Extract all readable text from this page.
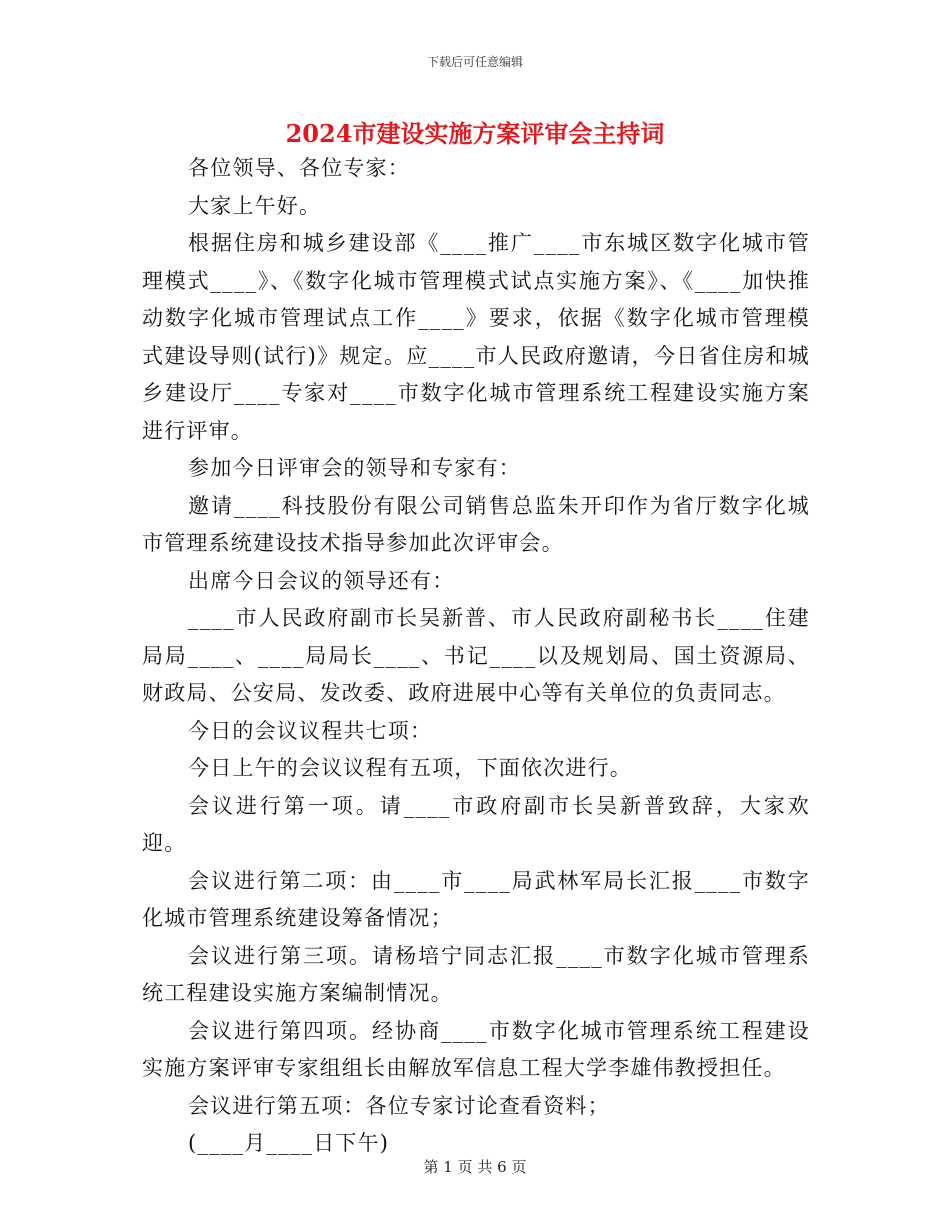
下载后可任意编辑
2024市建设实施方案评审会主持词

各位领导、各位专家：

大家上午好。

根据住房和城乡建设部《____推广____市东城区数字化城市管理模式____》、《数字化城市管理模式试点实施方案》、《____加快推动数字化城市管理试点工作____》要求，依据《数字化城市管理模式建设导则(试行)》规定。应____市人民政府邀请，今日省住房和城乡建设厅____专家对____市数字化城市管理系统工程建设实施方案进行评审。

参加今日评审会的领导和专家有：

邀请____科技股份有限公司销售总监朱开印作为省厅数字化城市管理系统建设技术指导参加此次评审会。

出席今日会议的领导还有：

____市人民政府副市长吴新普、市人民政府副秘书长____住建局局____、____局局长____、书记____以及规划局、国土资源局、财政局、公安局、发改委、政府进展中心等有关单位的负责同志。

今日的会议议程共七项：

今日上午的会议议程有五项，下面依次进行。

会议进行第一项。请____市政府副市长吴新普致辞，大家欢迎。

会议进行第二项：由____市____局武林军局长汇报____市数字化城市管理系统建设筹备情况；

会议进行第三项。请杨培宁同志汇报____市数字化城市管理系统工程建设实施方案编制情况。

会议进行第四项。经协商____市数字化城市管理系统工程建设实施方案评审专家组组长由解放军信息工程大学李雄伟教授担任。

会议进行第五项：各位专家讨论查看资料；

(____月____日下午)

第 1 页 共 6 页
